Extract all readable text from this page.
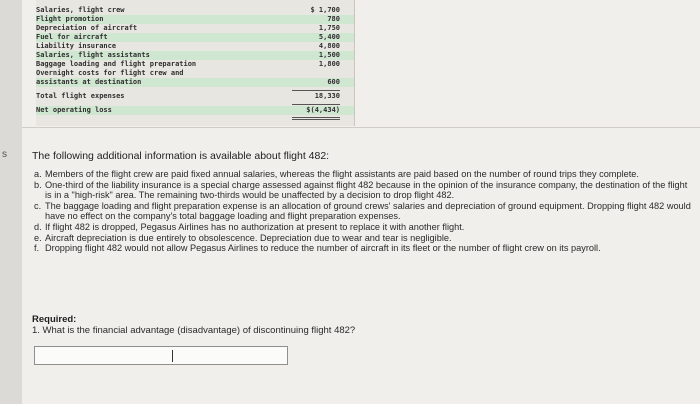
s
Salaries, flight crew	$ 1,700
Flight promotion	780
Depreciation of aircraft	1,750
Fuel for aircraft	5,400
Liability insurance	4,800
Salaries, flight assistants	1,500
Baggage loading and flight preparation	1,800
Overnight costs for flight crew and
assistants at destination	600
Total flight expenses	18,330
Net operating loss	$(4,434)
The following additional information is available about flight 482:
a. Members of the flight crew are paid fixed annual salaries, whereas the flight assistants are paid based on the number of round trips they complete.
b. One-third of the liability insurance is a special charge assessed against flight 482 because in the opinion of the insurance company, the destination of the flight is in a "high-risk" area. The remaining two-thirds would be unaffected by a decision to drop flight 482.
c. The baggage loading and flight preparation expense is an allocation of ground crews' salaries and depreciation of ground equipment. Dropping flight 482 would have no effect on the company's total baggage loading and flight preparation expenses.
d. If flight 482 is dropped, Pegasus Airlines has no authorization at present to replace it with another flight.
e. Aircraft depreciation is due entirely to obsolescence. Depreciation due to wear and tear is negligible.
f. Dropping flight 482 would not allow Pegasus Airlines to reduce the number of aircraft in its fleet or the number of flight crew on its payroll.
Required:
1. What is the financial advantage (disadvantage) of discontinuing flight 482?
